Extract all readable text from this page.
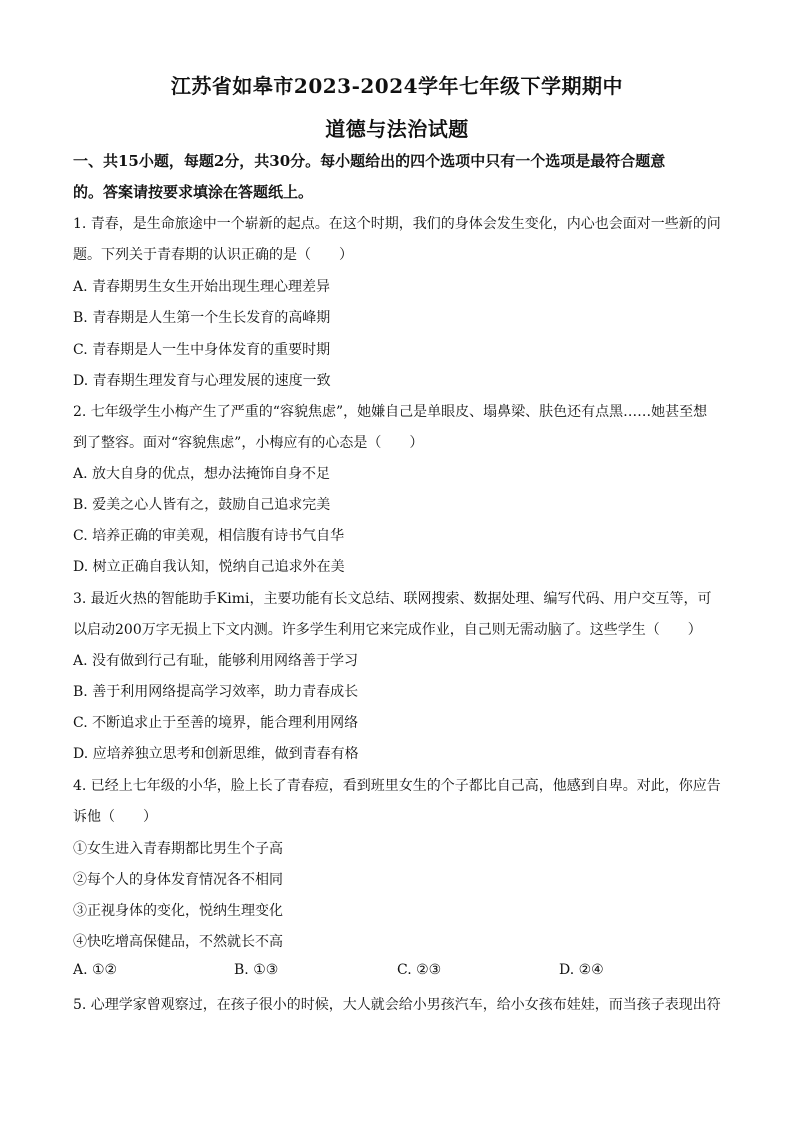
江苏省如皋市2023-2024学年七年级下学期期中
道德与法治试题
一、共15小题，每题2分，共30分。每小题给出的四个选项中只有一个选项是最符合题意
的。答案请按要求填涂在答题纸上。
1. 青春，是生命旅途中一个崭新的起点。在这个时期，我们的身体会发生变化，内心也会面对一些新的问
题。下列关于青春期的认识正确的是（　　）
A. 青春期男生女生开始出现生理心理差异
B. 青春期是人生第一个生长发育的高峰期
C. 青春期是人一生中身体发育的重要时期
D. 青春期生理发育与心理发展的速度一致
2. 七年级学生小梅产生了严重的“容貌焦虑”，她嫌自己是单眼皮、塌鼻梁、肤色还有点黑……她甚至想
到了整容。面对“容貌焦虑”，小梅应有的心态是（　　）
A. 放大自身的优点，想办法掩饰自身不足
B. 爱美之心人皆有之，鼓励自己追求完美
C. 培养正确的审美观，相信腹有诗书气自华
D. 树立正确自我认知，悦纳自己追求外在美
3. 最近火热的智能助手Kimi，主要功能有长文总结、联网搜索、数据处理、编写代码、用户交互等，可
以启动200万字无损上下文内测。许多学生利用它来完成作业，自己则无需动脑了。这些学生（　　）
A. 没有做到行己有耻，能够利用网络善于学习
B. 善于利用网络提高学习效率，助力青春成长
C. 不断追求止于至善的境界，能合理利用网络
D. 应培养独立思考和创新思维，做到青春有格
4. 已经上七年级的小华，脸上长了青春痘，看到班里女生的个子都比自己高，他感到自卑。对此，你应告
诉他（　　）
①女生进入青春期都比男生个子高
②每个人的身体发育情况各不相同
③正视身体的变化，悦纳生理变化
④快吃增高保健品，不然就长不高
A. ①②	B. ①③	C. ②③	D. ②④
5. 心理学家曾观察过，在孩子很小的时候，大人就会给小男孩汽车，给小女孩布娃娃，而当孩子表现出符
